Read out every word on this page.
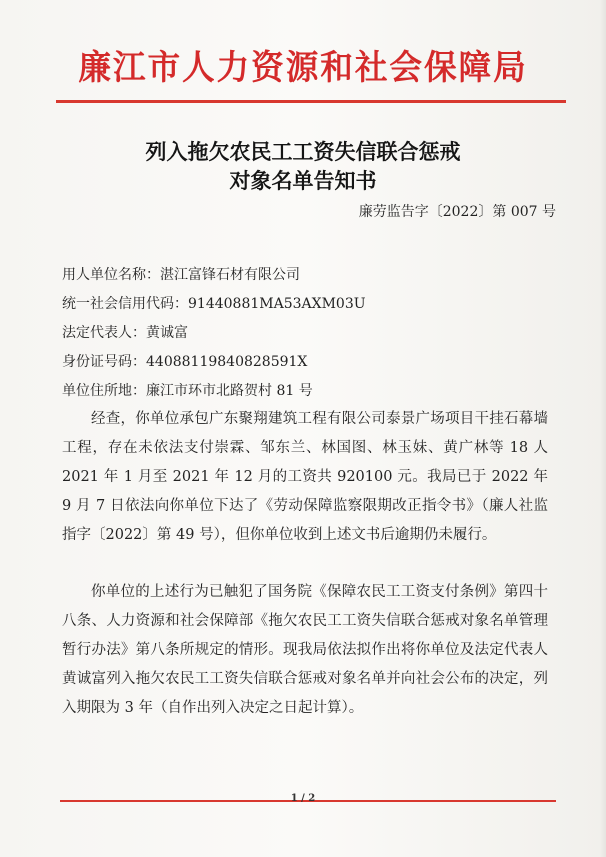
廉江市人力资源和社会保障局

列入拖欠农民工工资失信联合惩戒
对象名单告知书
廉劳监告字〔2022〕第 007 号
用人单位名称：湛江富锋石材有限公司
统一社会信用代码：91440881MA53AXM03U
法定代表人：黄诚富
身份证号码：44088119840828591X
单位住所地：廉江市环市北路贺村 81 号

经查，你单位承包广东聚翔建筑工程有限公司泰景广场项目干挂石幕墙工程，存在未依法支付崇霖、邹东兰、林国图、林玉妹、黄广林等 18 人 2021 年 1 月至 2021 年 12 月的工资共 920100 元。我局已于 2022 年 9 月 7 日依法向你单位下达了《劳动保障监察限期改正指令书》（廉人社监指字〔2022〕第 49 号），但你单位收到上述文书后逾期仍未履行。

你单位的上述行为已触犯了国务院《保障农民工工资支付条例》第四十八条、人力资源和社会保障部《拖欠农民工工资失信联合惩戒对象名单管理暂行办法》第八条所规定的情形。现我局依法拟作出将你单位及法定代表人黄诚富列入拖欠农民工工资失信联合惩戒对象名单并向社会公布的决定，列入期限为 3 年（自作出列入决定之日起计算）。

1 / 2
